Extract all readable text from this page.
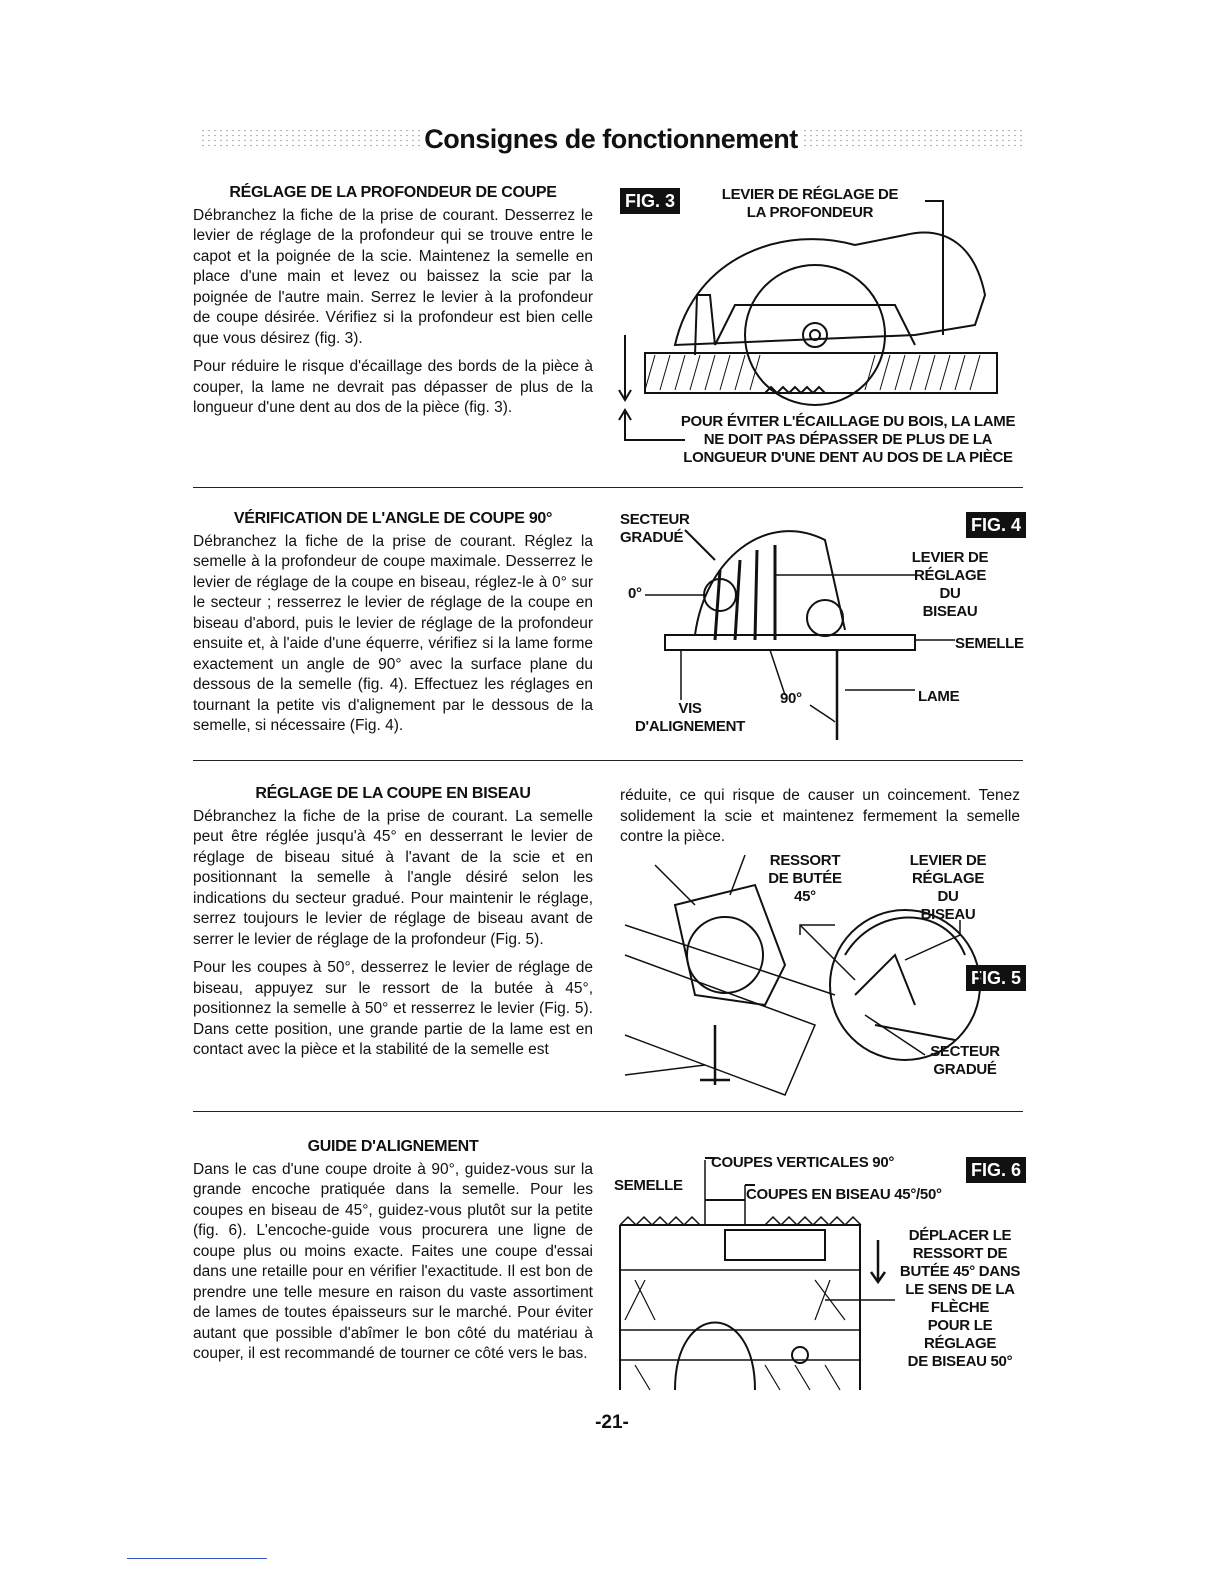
Consignes de fonctionnement
RÉGLAGE DE LA PROFONDEUR DE COUPE

Débranchez la fiche de la prise de courant. Desserrez le levier de réglage de la profondeur qui se trouve entre le capot et la poignée de la scie. Maintenez la semelle en place d'une main et levez ou baissez la scie par la poignée de l'autre main. Serrez le levier à la profondeur de coupe désirée. Vérifiez si la profondeur est bien celle que vous désirez (fig. 3).

Pour réduire le risque d'écaillage des bords de la pièce à couper, la lame ne devrait pas dépasser de plus de la longueur d'une dent au dos de la pièce (fig. 3).

FIG. 3	LEVIER DE RÉGLAGE DE
LA PROFONDEUR
POUR ÉVITER L'ÉCAILLAGE DU BOIS, LA LAME
NE DOIT PAS DÉPASSER DE PLUS DE LA
LONGUEUR D'UNE DENT AU DOS DE LA PIÈCE
VÉRIFICATION DE L'ANGLE DE COUPE 90°

Débranchez la fiche de la prise de courant. Réglez la semelle à la profondeur de coupe maximale. Desserrez le levier de réglage de la coupe en biseau, réglez-le à 0° sur le secteur ; resserrez le levier de réglage de la coupe en biseau d'abord, puis le levier de réglage de la profondeur ensuite et, à l'aide d'une équerre, vérifiez si la lame forme exactement un angle de 90° avec la surface plane du dessous de la semelle (fig. 4). Effectuez les réglages en tournant la petite vis d'alignement par le dessous de la semelle, si nécessaire (Fig. 4).

SECTEUR
GRADUÉ
0°
FIG. 4
LEVIER DE
RÉGLAGE DU
BISEAU
SEMELLE
LAME
90°
VIS
D'ALIGNEMENT
RÉGLAGE DE LA COUPE EN BISEAU

Débranchez la fiche de la prise de courant. La semelle peut être réglée jusqu'à 45° en desserrant le levier de réglage de biseau situé à l'avant de la scie et en positionnant la semelle à l'angle désiré selon les indications du secteur gradué. Pour maintenir le réglage, serrez toujours le levier de réglage de biseau avant de serrer le levier de réglage de la profondeur (Fig. 5).

Pour les coupes à 50°, desserrez le levier de réglage de biseau, appuyez sur le ressort de la butée à 45°, positionnez la semelle à 50° et resserrez le levier (Fig. 5). Dans cette position, une grande partie de la lame est en contact avec la pièce et la stabilité de la semelle est

réduite, ce qui risque de causer un coincement. Tenez solidement la scie et maintenez fermement la semelle contre la pièce.

RESSORT
DE BUTÉE
45°
LEVIER DE
RÉGLAGE DU
BISEAU
FIG. 5
SECTEUR
GRADUÉ
GUIDE D'ALIGNEMENT

Dans le cas d'une coupe droite à 90°, guidez-vous sur la grande encoche pratiquée dans la semelle. Pour les coupes en biseau de 45°, guidez-vous plutôt sur la petite (fig. 6). L'encoche-guide vous procurera une ligne de coupe plus ou moins exacte. Faites une coupe d'essai dans une retaille pour en vérifier l'exactitude. Il est bon de prendre une telle mesure en raison du vaste assortiment de lames de toutes épaisseurs sur le marché. Pour éviter autant que possible d'abîmer le bon côté du matériau à couper, il est recommandé de tourner ce côté vers le bas.

COUPES VERTICALES 90°	FIG. 6
SEMELLE
COUPES EN BISEAU 45°/50°
DÉPLACER LE
RESSORT DE
BUTÉE 45° DANS
LE SENS DE LA
FLÈCHE
POUR LE
RÉGLAGE
DE BISEAU 50°
-21-
